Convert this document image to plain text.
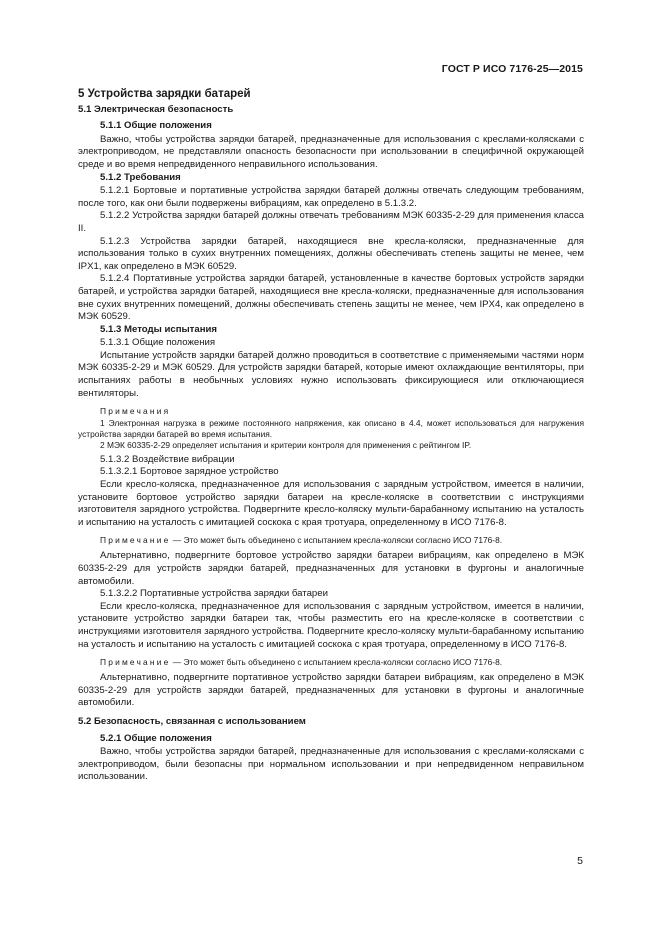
ГОСТ Р ИСО 7176-25—2015
5 Устройства зарядки батарей
5.1 Электрическая безопасность
5.1.1 Общие положения

Важно, чтобы устройства зарядки батарей, предназначенные для использования с креслами-колясками с электроприводом, не представляли опасность безопасности при использовании в специфичной окружающей среде и во время непредвиденного неправильного использования.

5.1.2 Требования

5.1.2.1 Бортовые и портативные устройства зарядки батарей должны отвечать следующим требованиям, после того, как они были подвержены вибрациям, как определено в 5.1.3.2.

5.1.2.2 Устройства зарядки батарей должны отвечать требованиям МЭК 60335-2-29 для применения класса II.

5.1.2.3 Устройства зарядки батарей, находящиеся вне кресла-коляски, предназначенные для использования только в сухих внутренних помещениях, должны обеспечивать степень защиты не менее, чем IPX1, как определено в МЭК 60529.

5.1.2.4 Портативные устройства зарядки батарей, установленные в качестве бортовых устройств зарядки батарей, и устройства зарядки батарей, находящиеся вне кресла-коляски, предназначенные для использования вне сухих внутренних помещений, должны обеспечивать степень защиты не менее, чем IPX4, как определено в МЭК 60529.

5.1.3 Методы испытания
5.1.3.1 Общие положения

Испытание устройств зарядки батарей должно проводиться в соответствие с применяемыми частями норм МЭК 60335-2-29 и МЭК 60529. Для устройств зарядки батарей, которые имеют охлаждающие вентиляторы, при испытаниях работы в необычных условиях нужно использовать фиксирующиеся или отключающиеся вентиляторы.

Примечания

1 Электронная нагрузка в режиме постоянного напряжения, как описано в 4.4, может использоваться для нагружения устройства зарядки батарей во время испытания.

2 МЭК 60335-2-29 определяет испытания и критерии контроля для применения с рейтингом IP.

5.1.3.2 Воздействие вибрации
5.1.3.2.1 Бортовое зарядное устройство

Если кресло-коляска, предназначенное для использования с зарядным устройством, имеется в наличии, установите бортовое устройство зарядки батареи на кресле-коляске в соответствии с инструкциями изготовителя зарядного устройства. Подвергните кресло-коляску мульти-барабанному испытанию на усталость и испытанию на усталость с имитацией соскока с края тротуара, определенному в ИСО 7176-8.

Примечание — Это может быть объединено с испытанием кресла-коляски согласно ИСО 7176-8.

Альтернативно, подвергните бортовое устройство зарядки батареи вибрациям, как определено в МЭК 60335-2-29 для устройств зарядки батарей, предназначенных для установки в фургоны и аналогичные автомобили.

5.1.3.2.2 Портативные устройства зарядки батареи

Если кресло-коляска, предназначенное для использования с зарядным устройством, имеется в наличии, установите устройство зарядки батареи так, чтобы разместить его на кресле-коляске в соответствии с инструкциями изготовителя зарядного устройства. Подвергните кресло-коляску мульти-барабанному испытанию на усталость и испытанию на усталость с имитацией соскока с края тротуара, определенному в ИСО 7176-8.

Примечание — Это может быть объединено с испытанием кресла-коляски согласно ИСО 7176-8.

Альтернативно, подвергните портативное устройство зарядки батареи вибрациям, как определено в МЭК 60335-2-29 для устройств зарядки батарей, предназначенных для установки в фургоны и аналогичные автомобили.

5.2 Безопасность, связанная с использованием
5.2.1 Общие положения

Важно, чтобы устройства зарядки батарей, предназначенные для использования с креслами-колясками с электроприводом, были безопасны при нормальном использовании и при непредвиденном неправильном использовании.

5
